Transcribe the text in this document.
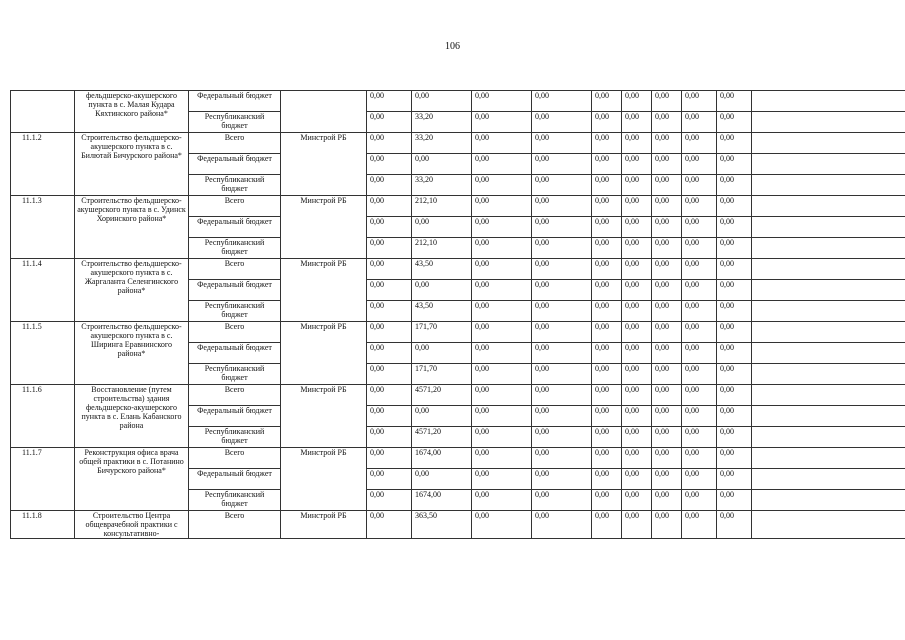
106
	фельдшерско-акушерского пункта в с. Малая Кудара Кяхтинского района*	Федеральный бюджет		0,00	0,00	0,00	0,00	0,00	0,00	0,00	0,00	0,00	
		Республиканский бюджет		0,00	33,20	0,00	0,00	0,00	0,00	0,00	0,00	0,00	
11.1.2	Строительство фельдшерско-акушерского пункта в с. Билютай Бичурского района*	Всего	Минстрой РБ	0,00	33,20	0,00	0,00	0,00	0,00	0,00	0,00	0,00	
		Федеральный бюджет		0,00	0,00	0,00	0,00	0,00	0,00	0,00	0,00	0,00	
		Республиканский бюджет		0,00	33,20	0,00	0,00	0,00	0,00	0,00	0,00	0,00	
11.1.3	Строительство фельдшерско-акушерского пункта в с. Удинск Хоринского района*	Всего	Минстрой РБ	0,00	212,10	0,00	0,00	0,00	0,00	0,00	0,00	0,00	
		Федеральный бюджет		0,00	0,00	0,00	0,00	0,00	0,00	0,00	0,00	0,00	
		Республиканский бюджет		0,00	212,10	0,00	0,00	0,00	0,00	0,00	0,00	0,00	
11.1.4	Строительство фельдшерско-акушерского пункта в с. Жаргаланта Селенгинского района*	Всего	Минстрой РБ	0,00	43,50	0,00	0,00	0,00	0,00	0,00	0,00	0,00	
		Федеральный бюджет		0,00	0,00	0,00	0,00	0,00	0,00	0,00	0,00	0,00	
		Республиканский бюджет		0,00	43,50	0,00	0,00	0,00	0,00	0,00	0,00	0,00	
11.1.5	Строительство фельдшерско-акушерского пункта в с. Ширинга Еравнинского района*	Всего	Минстрой РБ	0,00	171,70	0,00	0,00	0,00	0,00	0,00	0,00	0,00	
		Федеральный бюджет		0,00	0,00	0,00	0,00	0,00	0,00	0,00	0,00	0,00	
		Республиканский бюджет		0,00	171,70	0,00	0,00	0,00	0,00	0,00	0,00	0,00	
11.1.6	Восстановление (путем строительства) здания фельдшерско-акушерского пункта в с. Елань Кабанского района	Всего	Минстрой РБ	0,00	4571,20	0,00	0,00	0,00	0,00	0,00	0,00	0,00	
		Федеральный бюджет		0,00	0,00	0,00	0,00	0,00	0,00	0,00	0,00	0,00	
		Республиканский бюджет		0,00	4571,20	0,00	0,00	0,00	0,00	0,00	0,00	0,00	
11.1.7	Реконструкция офиса врача общей практики в с. Потанино Бичурского района*	Всего	Минстрой РБ	0,00	1674,00	0,00	0,00	0,00	0,00	0,00	0,00	0,00	
		Федеральный бюджет		0,00	0,00	0,00	0,00	0,00	0,00	0,00	0,00	0,00	
		Республиканский бюджет		0,00	1674,00	0,00	0,00	0,00	0,00	0,00	0,00	0,00	
11.1.8	Строительство Центра общеврачебной практики с консультативно-	Всего	Минстрой РБ	0,00	363,50	0,00	0,00	0,00	0,00	0,00	0,00	0,00	
